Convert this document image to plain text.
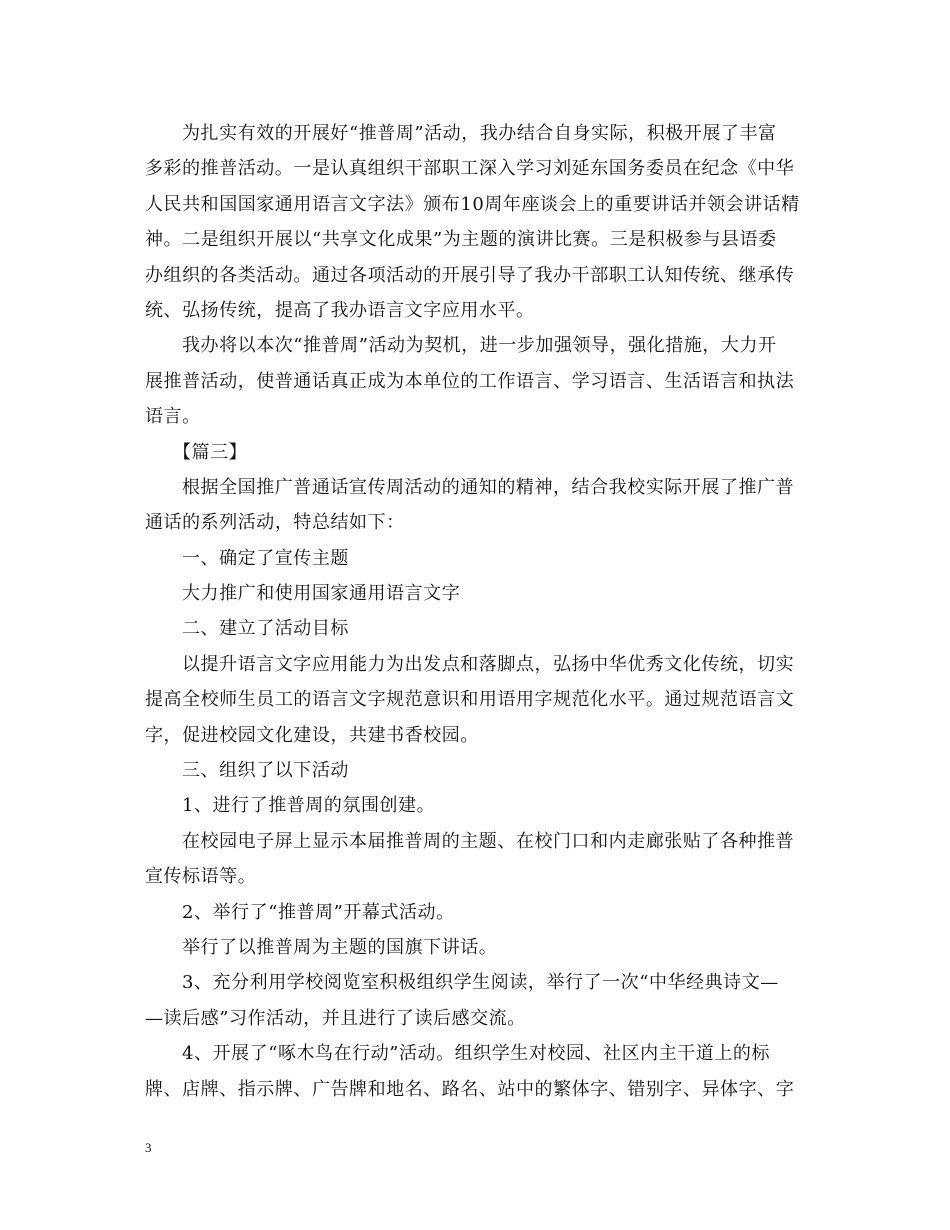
为扎实有效的开展好“推普周”活动，我办结合自身实际，积极开展了丰富
多彩的推普活动。一是认真组织干部职工深入学习刘延东国务委员在纪念《中华
人民共和国国家通用语言文字法》颁布10周年座谈会上的重要讲话并领会讲话精
神。二是组织开展以“共享文化成果”为主题的演讲比赛。三是积极参与县语委
办组织的各类活动。通过各项活动的开展引导了我办干部职工认知传统、继承传
统、弘扬传统，提高了我办语言文字应用水平。
我办将以本次“推普周”活动为契机，进一步加强领导，强化措施，大力开
展推普活动，使普通话真正成为本单位的工作语言、学习语言、生活语言和执法
语言。
【篇三】
根据全国推广普通话宣传周活动的通知的精神，结合我校实际开展了推广普
通话的系列活动，特总结如下：
一、确定了宣传主题
大力推广和使用国家通用语言文字
二、建立了活动目标
以提升语言文字应用能力为出发点和落脚点，弘扬中华优秀文化传统，切实
提高全校师生员工的语言文字规范意识和用语用字规范化水平。通过规范语言文
字，促进校园文化建设，共建书香校园。
三、组织了以下活动
1、进行了推普周的氛围创建。
在校园电子屏上显示本届推普周的主题、在校门口和内走廊张贴了各种推普
宣传标语等。
2、举行了“推普周”开幕式活动。
举行了以推普周为主题的国旗下讲话。
3、充分利用学校阅览室积极组织学生阅读，举行了一次“中华经典诗文—
—读后感”习作活动，并且进行了读后感交流。
4、开展了“啄木鸟在行动”活动。组织学生对校园、社区内主干道上的标
牌、店牌、指示牌、广告牌和地名、路名、站中的繁体字、错别字、异体字、字
3
